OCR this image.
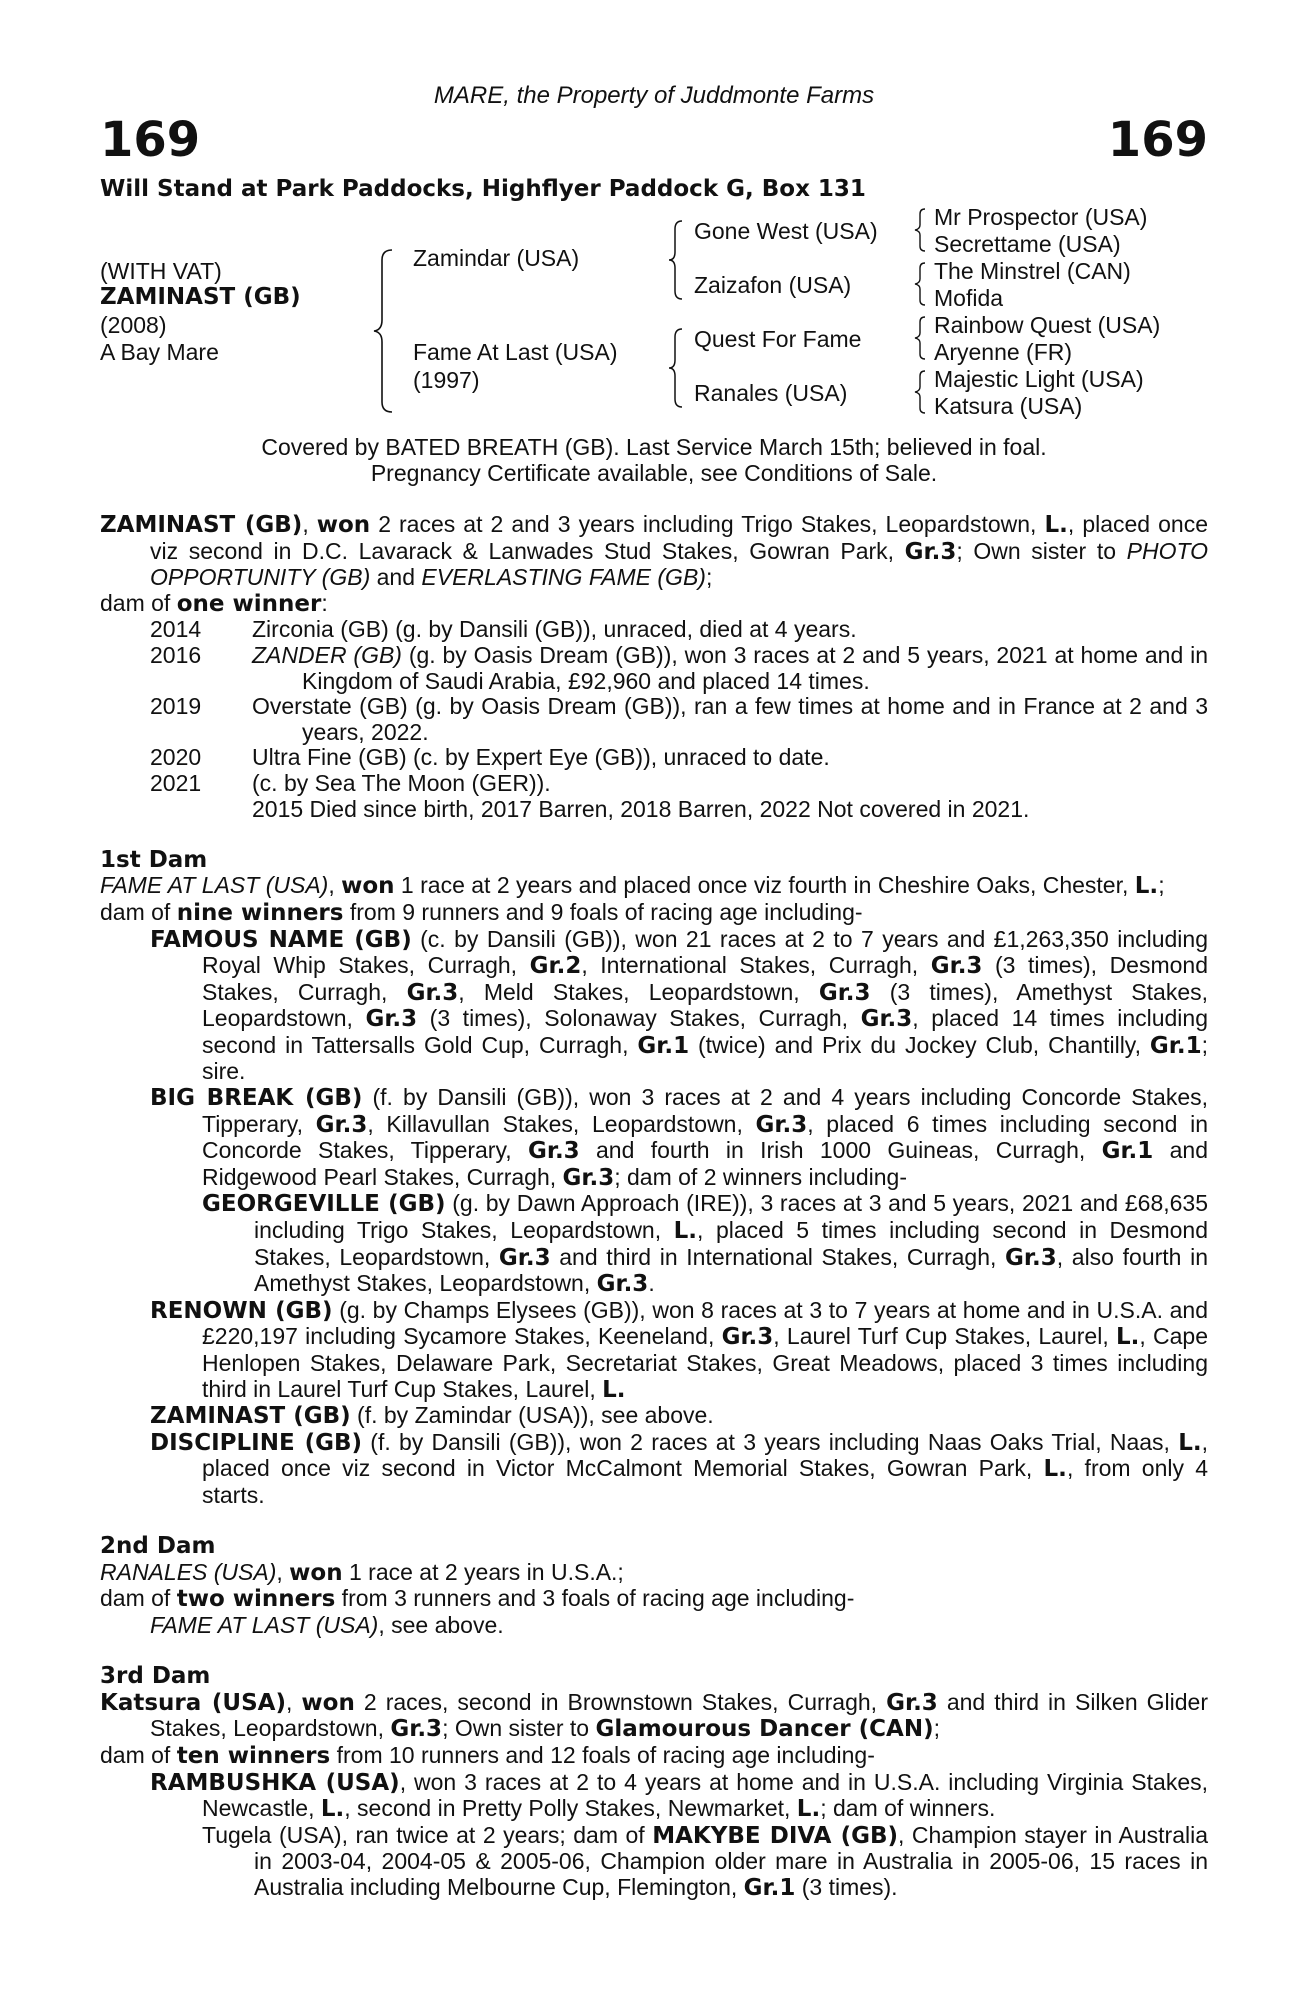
MARE, the Property of Juddmonte Farms
169	169
Will Stand at Park Paddocks, Highflyer Paddock G, Box 131
(WITH VAT)
ZAMINAST (GB)
(2008)
A Bay Mare
Zamindar (USA)
Fame At Last (USA)
(1997)
Gone West (USA)
Zaizafon (USA)
Quest For Fame
Ranales (USA)
Mr Prospector (USA)
Secrettame (USA)
The Minstrel (CAN)
Mofida
Rainbow Quest (USA)
Aryenne (FR)
Majestic Light (USA)
Katsura (USA)
Covered by BATED BREATH (GB). Last Service March 15th; believed in foal.
Pregnancy Certificate available, see Conditions of Sale.

ZAMINAST (GB), won 2 races at 2 and 3 years including Trigo Stakes, Leopardstown, L., placed once viz second in D.C. Lavarack & Lanwades Stud Stakes, Gowran Park, Gr.3; Own sister to PHOTO OPPORTUNITY (GB) and EVERLASTING FAME (GB);

dam of one winner:

2014	Zirconia (GB) (g. by Dansili (GB)), unraced, died at 4 years.
2016	ZANDER (GB) (g. by Oasis Dream (GB)), won 3 races at 2 and 5 years, 2021 at home and in Kingdom of Saudi Arabia, £92,960 and placed 14 times.
2019	Overstate (GB) (g. by Oasis Dream (GB)), ran a few times at home and in France at 2 and 3 years, 2022.
2020	Ultra Fine (GB) (c. by Expert Eye (GB)), unraced to date.
2021	(c. by Sea The Moon (GER)).
2015 Died since birth, 2017 Barren, 2018 Barren, 2022 Not covered in 2021.
1st Dam

FAME AT LAST (USA), won 1 race at 2 years and placed once viz fourth in Cheshire Oaks, Chester, L.;

dam of nine winners from 9 runners and 9 foals of racing age including-

FAMOUS NAME (GB) (c. by Dansili (GB)), won 21 races at 2 to 7 years and £1,263,350 including Royal Whip Stakes, Curragh, Gr.2, International Stakes, Curragh, Gr.3 (3 times), Desmond Stakes, Curragh, Gr.3, Meld Stakes, Leopardstown, Gr.3 (3 times), Amethyst Stakes, Leopardstown, Gr.3 (3 times), Solonaway Stakes, Curragh, Gr.3, placed 14 times including second in Tattersalls Gold Cup, Curragh, Gr.1 (twice) and Prix du Jockey Club, Chantilly, Gr.1; sire.

BIG BREAK (GB) (f. by Dansili (GB)), won 3 races at 2 and 4 years including Concorde Stakes, Tipperary, Gr.3, Killavullan Stakes, Leopardstown, Gr.3, placed 6 times including second in Concorde Stakes, Tipperary, Gr.3 and fourth in Irish 1000 Guineas, Curragh, Gr.1 and Ridgewood Pearl Stakes, Curragh, Gr.3; dam of 2 winners including-

GEORGEVILLE (GB) (g. by Dawn Approach (IRE)), 3 races at 3 and 5 years, 2021 and £68,635 including Trigo Stakes, Leopardstown, L., placed 5 times including second in Desmond Stakes, Leopardstown, Gr.3 and third in International Stakes, Curragh, Gr.3, also fourth in Amethyst Stakes, Leopardstown, Gr.3.

RENOWN (GB) (g. by Champs Elysees (GB)), won 8 races at 3 to 7 years at home and in U.S.A. and £220,197 including Sycamore Stakes, Keeneland, Gr.3, Laurel Turf Cup Stakes, Laurel, L., Cape Henlopen Stakes, Delaware Park, Secretariat Stakes, Great Meadows, placed 3 times including third in Laurel Turf Cup Stakes, Laurel, L.

ZAMINAST (GB) (f. by Zamindar (USA)), see above.

DISCIPLINE (GB) (f. by Dansili (GB)), won 2 races at 3 years including Naas Oaks Trial, Naas, L., placed once viz second in Victor McCalmont Memorial Stakes, Gowran Park, L., from only 4 starts.

2nd Dam

RANALES (USA), won 1 race at 2 years in U.S.A.;

dam of two winners from 3 runners and 3 foals of racing age including-

FAME AT LAST (USA), see above.

3rd Dam

Katsura (USA), won 2 races, second in Brownstown Stakes, Curragh, Gr.3 and third in Silken Glider Stakes, Leopardstown, Gr.3; Own sister to Glamourous Dancer (CAN);

dam of ten winners from 10 runners and 12 foals of racing age including-

RAMBUSHKA (USA), won 3 races at 2 to 4 years at home and in U.S.A. including Virginia Stakes, Newcastle, L., second in Pretty Polly Stakes, Newmarket, L.; dam of winners.

Tugela (USA), ran twice at 2 years; dam of MAKYBE DIVA (GB), Champion stayer in Australia in 2003-04, 2004-05 & 2005-06, Champion older mare in Australia in 2005-06, 15 races in Australia including Melbourne Cup, Flemington, Gr.1 (3 times).
